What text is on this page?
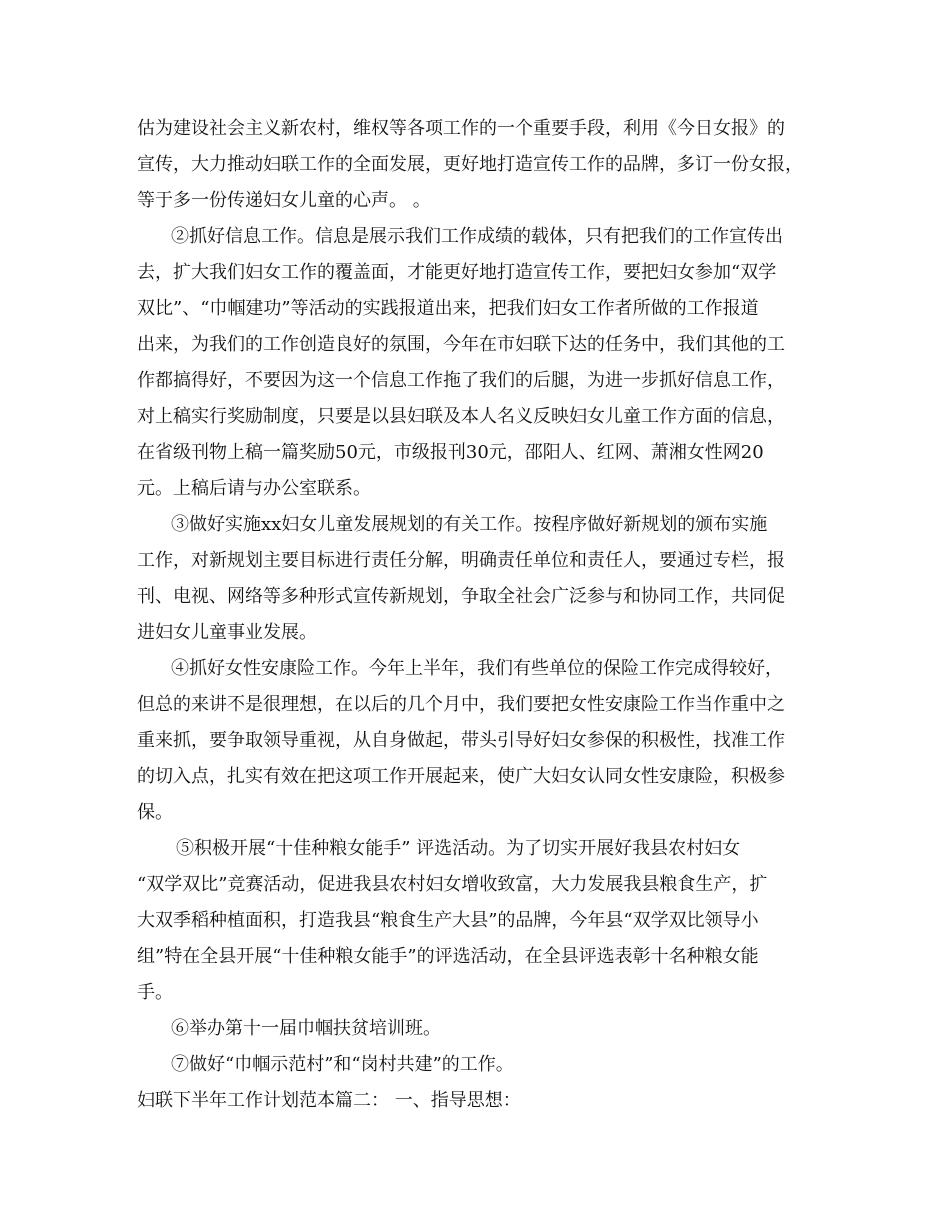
估为建设社会主义新农村，维权等各项工作的一个重要手段，利用《今日女报》的

宣传，大力推动妇联工作的全面发展，更好地打造宣传工作的品牌，多订一份女报，

等于多一份传递妇女儿童的心声。 。

②抓好信息工作。信息是展示我们工作成绩的载体，只有把我们的工作宣传出

去，扩大我们妇女工作的覆盖面，才能更好地打造宣传工作，要把妇女参加“双学

双比”、“巾帼建功”等活动的实践报道出来，把我们妇女工作者所做的工作报道

出来，为我们的工作创造良好的氛围，今年在市妇联下达的任务中，我们其他的工

作都搞得好，不要因为这一个信息工作拖了我们的后腿，为进一步抓好信息工作，

对上稿实行奖励制度，只要是以县妇联及本人名义反映妇女儿童工作方面的信息，

在省级刊物上稿一篇奖励50元，市级报刊30元，邵阳人、红网、萧湘女性网20

元。上稿后请与办公室联系。

③做好实施xx妇女儿童发展规划的有关工作。按程序做好新规划的颁布实施

工作，对新规划主要目标进行责任分解，明确责任单位和责任人，要通过专栏，报

刊、电视、网络等多种形式宣传新规划，争取全社会广泛参与和协同工作，共同促

进妇女儿童事业发展。

④抓好女性安康险工作。今年上半年，我们有些单位的保险工作完成得较好，

但总的来讲不是很理想，在以后的几个月中，我们要把女性安康险工作当作重中之

重来抓，要争取领导重视，从自身做起，带头引导好妇女参保的积极性，找准工作

的切入点，扎实有效在把这项工作开展起来，使广大妇女认同女性安康险，积极参

保。

⑤积极开展“十佳种粮女能手” 评选活动。为了切实开展好我县农村妇女

“双学双比”竞赛活动，促进我县农村妇女增收致富，大力发展我县粮食生产，扩

大双季稻种植面积，打造我县“粮食生产大县”的品牌，今年县“双学双比领导小

组”特在全县开展“十佳种粮女能手”的评选活动，在全县评选表彰十名种粮女能

手。

⑥举办第十一届巾帼扶贫培训班。

⑦做好“巾帼示范村”和“岗村共建”的工作。

妇联下半年工作计划范本篇二： 一、指导思想：
